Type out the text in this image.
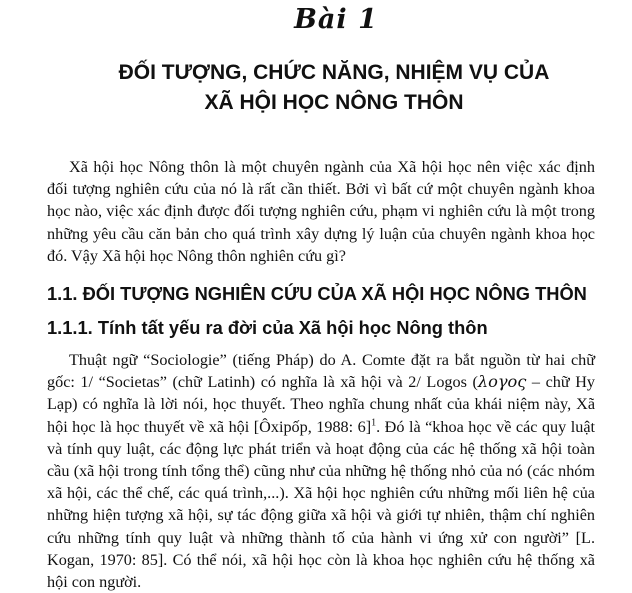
Bài 1
ĐỐI TƯỢNG, CHỨC NĂNG, NHIỆM VỤ CỦA
XÃ HỘI HỌC NÔNG THÔN

Xã hội học Nông thôn là một chuyên ngành của Xã hội học nên việc xác định đối tượng nghiên cứu của nó là rất cần thiết. Bởi vì bất cứ một chuyên ngành khoa học nào, việc xác định được đối tượng nghiên cứu, phạm vi nghiên cứu là một trong những yêu cầu căn bản cho quá trình xây dựng lý luận của chuyên ngành khoa học đó. Vậy Xã hội học Nông thôn nghiên cứu gì?

1.1. ĐỐI TƯỢNG NGHIÊN CỨU CỦA XÃ HỘI HỌC NÔNG THÔN
1.1.1. Tính tất yếu ra đời của Xã hội học Nông thôn

Thuật ngữ “Sociologie” (tiếng Pháp) do A. Comte đặt ra bắt nguồn từ hai chữ gốc: 1/ “Societas” (chữ Latinh) có nghĩa là xã hội và 2/ Logos (λoγoς – chữ Hy Lạp) có nghĩa là lời nói, học thuyết. Theo nghĩa chung nhất của khái niệm này, Xã hội học là học thuyết về xã hội [Ôxipốp, 1988: 6]$^1$. Đó là “khoa học về các quy luật và tính quy luật, các động lực phát triển và hoạt động của các hệ thống xã hội toàn cầu (xã hội trong tính tổng thể) cũng như của những hệ thống nhỏ của nó (các nhóm xã hội, các thể chế, các quá trình,...). Xã hội học nghiên cứu những mối liên hệ của những hiện tượng xã hội, sự tác động giữa xã hội và giới tự nhiên, thậm chí nghiên cứu những tính quy luật và những thành tố của hành vi ứng xử con người” [L. Kogan, 1970: 85]. Có thể nói, xã hội học còn là khoa học nghiên cứu hệ thống xã hội con người.
